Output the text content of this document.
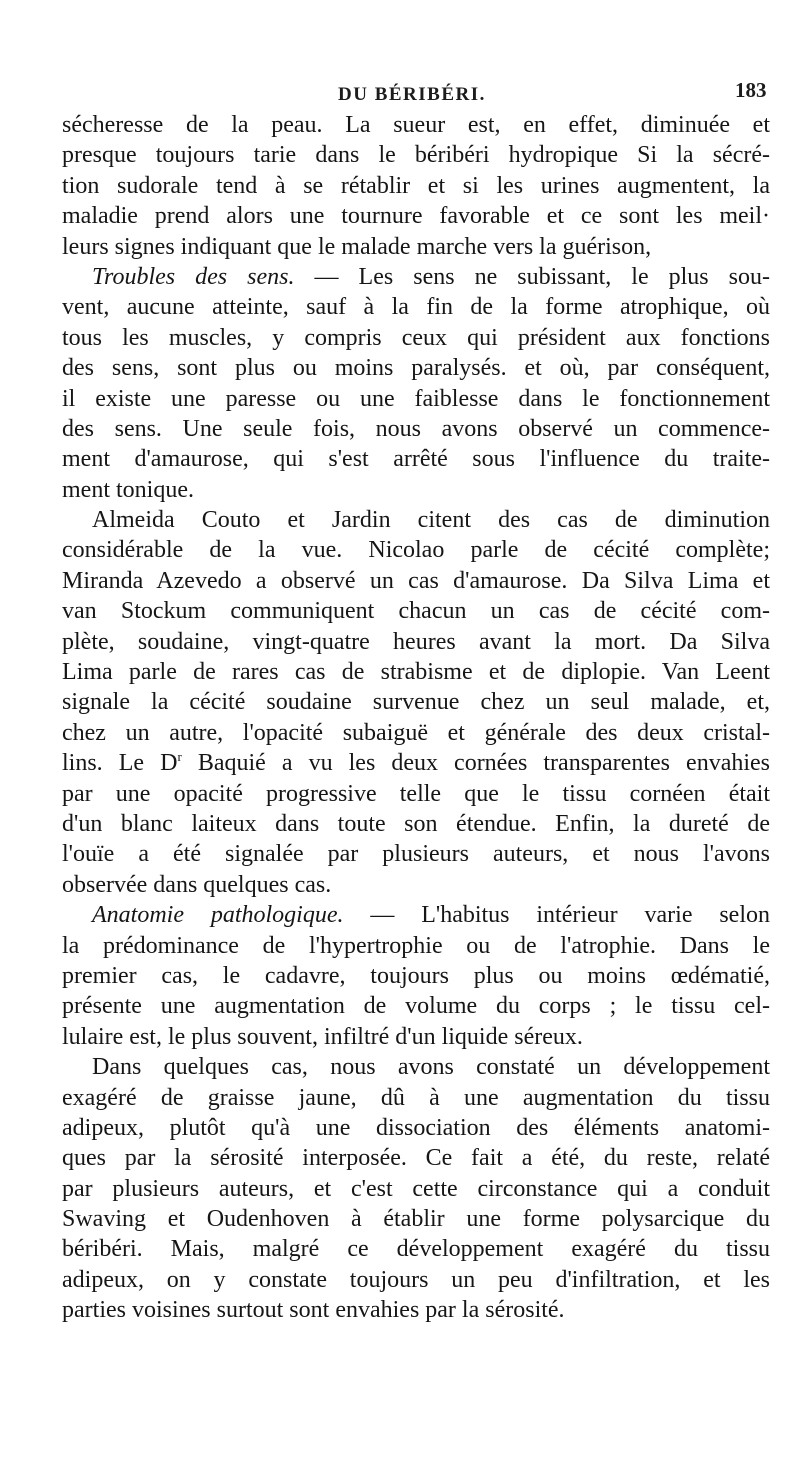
DU BÉRIBÉRI.	183
sécheresse de la peau. La sueur est, en effet, diminuée et
presque toujours tarie dans le béribéri hydropique Si la sécré-
tion sudorale tend à se rétablir et si les urines augmentent, la
maladie prend alors une tournure favorable et ce sont les meil·
leurs signes indiquant que le malade marche vers la guérison,
Troubles des sens. — Les sens ne subissant, le plus sou-
vent, aucune atteinte, sauf à la fin de la forme atrophique, où
tous les muscles, y compris ceux qui président aux fonctions
des sens, sont plus ou moins paralysés. et où, par conséquent,
il existe une paresse ou une faiblesse dans le fonctionnement
des sens. Une seule fois, nous avons observé un commence-
ment d'amaurose, qui s'est arrêté sous l'influence du traite-
ment tonique.
Almeida Couto et Jardin citent des cas de diminution
considérable de la vue. Nicolao parle de cécité complète;
Miranda Azevedo a observé un cas d'amaurose. Da Silva Lima et
van Stockum communiquent chacun un cas de cécité com-
plète, soudaine, vingt-quatre heures avant la mort. Da Silva
Lima parle de rares cas de strabisme et de diplopie. Van Leent
signale la cécité soudaine survenue chez un seul malade, et,
chez un autre, l'opacité subaiguë et générale des deux cristal-
lins. Le $D^r$ Baquié a vu les deux cornées transparentes envahies
par une opacité progressive telle que le tissu cornéen était
d'un blanc laiteux dans toute son étendue. Enfin, la dureté de
l'ouïe a été signalée par plusieurs auteurs, et nous l'avons
observée dans quelques cas.
Anatomie pathologique. — L'habitus intérieur varie selon
la prédominance de l'hypertrophie ou de l'atrophie. Dans le
premier cas, le cadavre, toujours plus ou moins œdématié,
présente une augmentation de volume du corps ; le tissu cel-
lulaire est, le plus souvent, infiltré d'un liquide séreux.
Dans quelques cas, nous avons constaté un développement
exagéré de graisse jaune, dû à une augmentation du tissu
adipeux, plutôt qu'à une dissociation des éléments anatomi-
ques par la sérosité interposée. Ce fait a été, du reste, relaté
par plusieurs auteurs, et c'est cette circonstance qui a conduit
Swaving et Oudenhoven à établir une forme polysarcique du
béribéri. Mais, malgré ce développement exagéré du tissu
adipeux, on y constate toujours un peu d'infiltration, et les
parties voisines surtout sont envahies par la sérosité.
